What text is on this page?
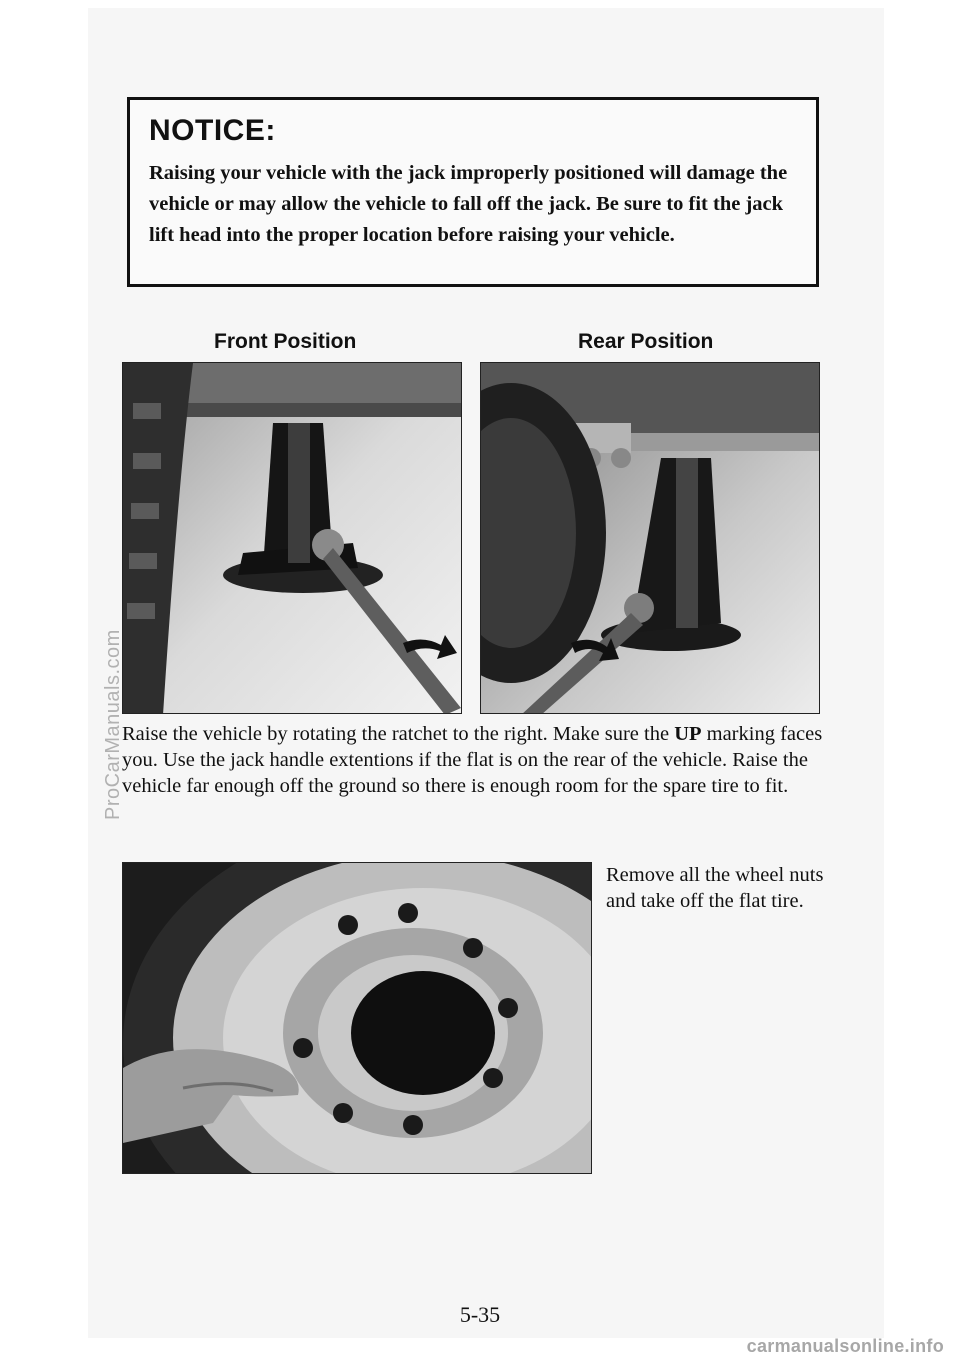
NOTICE:
Raising your vehicle with the jack improperly positioned will damage the vehicle or may allow the vehicle to fall off the jack. Be sure to fit the jack lift head into the proper location before raising your vehicle.
Front Position	Rear Position
Raise the vehicle by rotating the ratchet to the right. Make sure the UP marking faces you. Use the jack handle extentions if the flat is on the rear of the vehicle. Raise the vehicle far enough off the ground so there is enough room for the spare tire to fit.
Remove all the wheel nuts and take off the flat tire.
5-35
ProCarManuals.com
carmanualsonline.info
